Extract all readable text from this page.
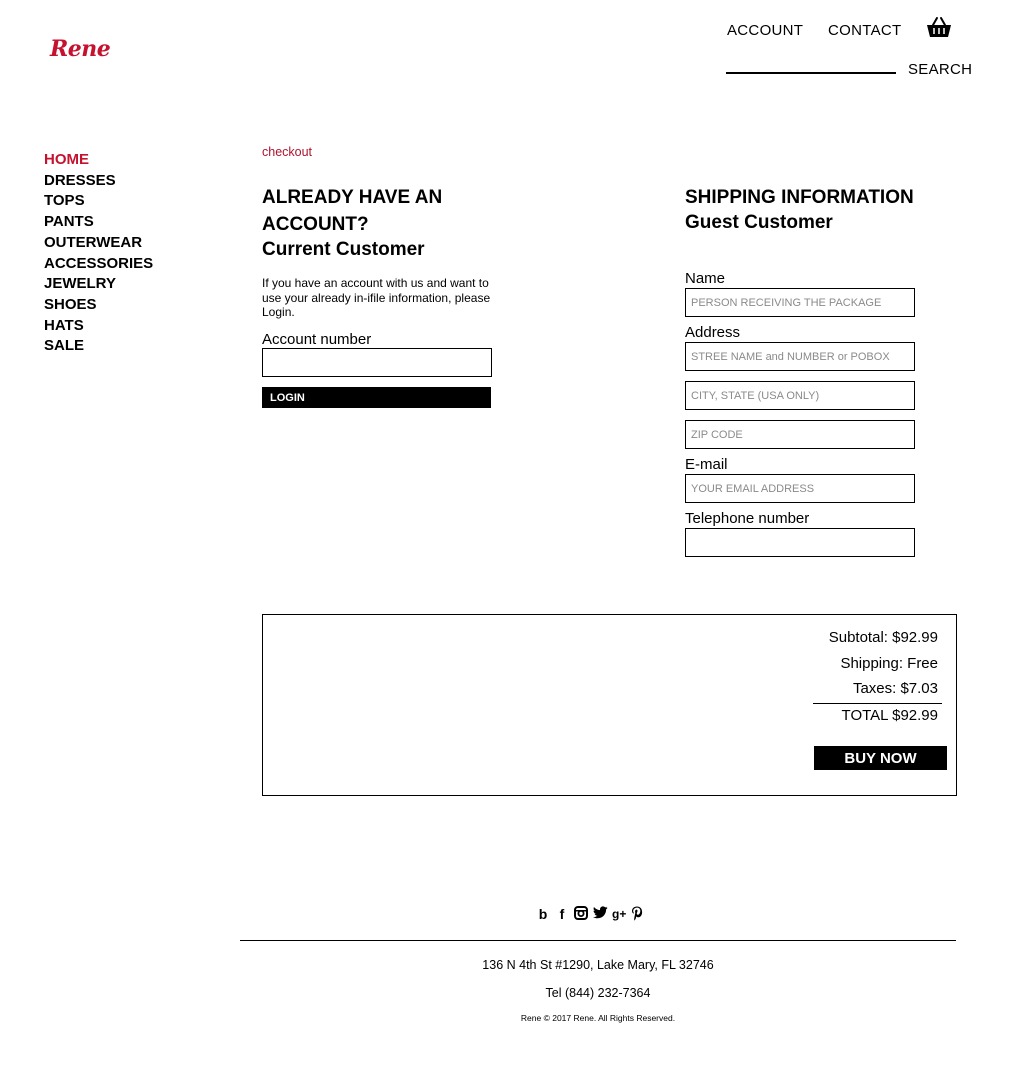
Rene
ACCOUNT CONTACT
SEARCH
HOME
DRESSES
TOPS
PANTS
OUTERWEAR
ACCESSORIES
JEWELRY
SHOES
HATS
SALE
checkout
ALREADY HAVE AN ACCOUNT?
Current Customer
If you have an account with us and want to use your already in-ifile information, please Login.
Account number
LOGIN
SHIPPING INFORMATION
Guest Customer
Name
PERSON RECEIVING THE PACKAGE
Address
STREE NAME and NUMBER or POBOX
CITY, STATE (USA ONLY)
ZIP CODE
E-mail
YOUR EMAIL ADDRESS
Telephone number
Subtotal: $92.99
Shipping: Free
Taxes: $7.03
TOTAL $92.99
BUY NOW
b f	g+
136 N 4th St #1290, Lake Mary, FL 32746
Tel (844) 232-7364
Rene © 2017 Rene. All Rights Reserved.
